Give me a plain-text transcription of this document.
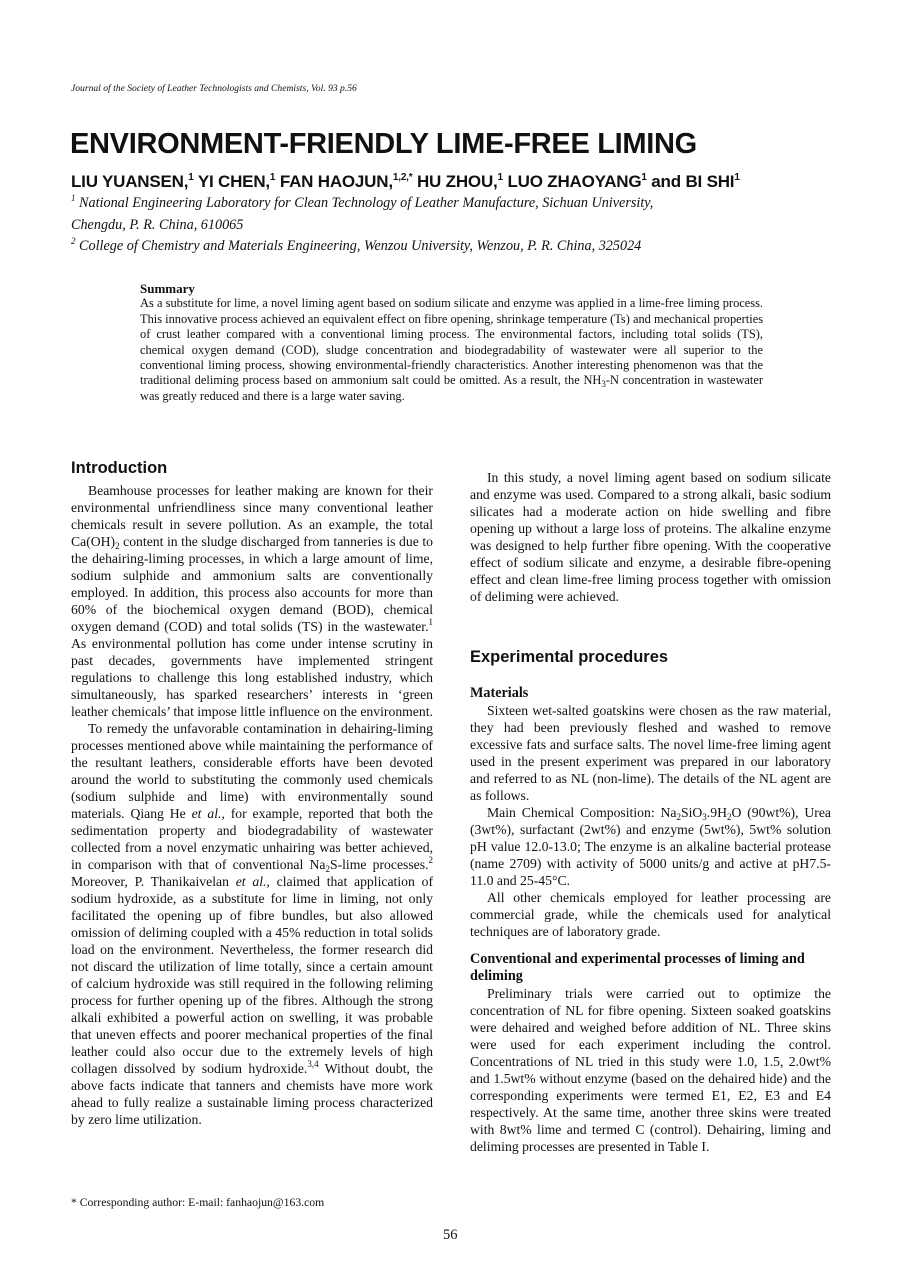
Journal of the Society of Leather Technologists and Chemists, Vol. 93 p.56
ENVIRONMENT-FRIENDLY LIME-FREE LIMING
LIU YUANSEN,$^1$ YI CHEN,$^1$ FAN HAOJUN,$^{1,2,*}$ HU ZHOU,$^1$ LUO ZHAOYANG$^1$ and BI SHI$^1$
$^1$ National Engineering Laboratory for Clean Technology of Leather Manufacture, Sichuan University,
Chengdu, P. R. China, 610065
$^2$ College of Chemistry and Materials Engineering, Wenzou University, Wenzou, P. R. China, 325024
Summary
As a substitute for lime, a novel liming agent based on sodium silicate and enzyme was applied in a lime-free liming process. This innovative process achieved an equivalent effect on fibre opening, shrinkage temperature (Ts) and mechanical properties of crust leather compared with a conventional liming process. The environmental factors, including total solids (TS), chemical oxygen demand (COD), sludge concentration and biodegradability of wastewater were all superior to the conventional liming process, showing environmental-friendly characteristics. Another interesting phenomenon was that the traditional deliming process based on ammonium salt could be omitted. As a result, the $NH_3-N$ concentration in wastewater was greatly reduced and there is a large water saving.
Introduction

Beamhouse processes for leather making are known for their environmental unfriendliness since many conventional leather chemicals result in severe pollution. As an example, the total $Ca(OH)_2$ content in the sludge discharged from tanneries is due to the dehairing-liming processes, in which a large amount of lime, sodium sulphide and ammonium salts are conventionally employed. In addition, this process also accounts for more than 60% of the biochemical oxygen demand (BOD), chemical oxygen demand (COD) and total solids (TS) in the wastewater.$^1$ As environmental pollution has come under intense scrutiny in past decades, governments have implemented stringent regulations to challenge this long established industry, which simultaneously, has sparked researchers’ interests in ‘green leather chemicals’ that impose little influence on the environment.

To remedy the unfavorable contamination in dehairing-liming processes mentioned above while maintaining the performance of the resultant leathers, considerable efforts have been devoted around the world to substituting the commonly used chemicals (sodium sulphide and lime) with environmentally sound materials. Qiang He et al., for example, reported that both the sedimentation property and biodegradability of wastewater collected from a novel enzymatic unhairing was better achieved, in comparison with that of conventional $Na_2S$-lime processes.$^2$ Moreover, P. Thanikaivelan et al., claimed that application of sodium hydroxide, as a substitute for lime in liming, not only facilitated the opening up of fibre bundles, but also allowed omission of deliming coupled with a 45% reduction in total solids load on the environment. Nevertheless, the former research did not discard the utilization of lime totally, since a certain amount of calcium hydroxide was still required in the following reliming process for further opening up of the fibres. Although the strong alkali exhibited a powerful action on swelling, it was probable that uneven effects and poorer mechanical properties of the final leather could also occur due to the extremely levels of high collagen dissolved by sodium hydroxide.$^{3,4}$ Without doubt, the above facts indicate that tanners and chemists have more work ahead to fully realize a sustainable liming process characterized by zero lime utilization.

In this study, a novel liming agent based on sodium silicate and enzyme was used. Compared to a strong alkali, basic sodium silicates had a moderate action on hide swelling and fibre opening up without a large loss of proteins. The alkaline enzyme was designed to help further fibre opening. With the cooperative effect of sodium silicate and enzyme, a desirable fibre-opening effect and clean lime-free liming process together with omission of deliming were achieved.

Experimental procedures
Materials

Sixteen wet-salted goatskins were chosen as the raw material, they had been previously fleshed and washed to remove excessive fats and surface salts. The novel lime-free liming agent used in the present experiment was prepared in our laboratory and referred to as NL (non-lime). The details of the NL agent are as follows.

Main Chemical Composition: $Na_2SiO_3.9H_2O$ (90wt%), Urea (3wt%), surfactant (2wt%) and enzyme (5wt%), 5wt% solution pH value 12.0-13.0; The enzyme is an alkaline bacterial protease (name 2709) with activity of 5000 units/g and active at pH7.5-11.0 and 25-45°C.

All other chemicals employed for leather processing are commercial grade, while the chemicals used for analytical techniques are of laboratory grade.

Conventional and experimental processes of liming and deliming

Preliminary trials were carried out to optimize the concentration of NL for fibre opening. Sixteen soaked goatskins were dehaired and weighed before addition of NL. Three skins were used for each experiment including the control. Concentrations of NL tried in this study were 1.0, 1.5, 2.0wt% and 1.5wt% without enzyme (based on the dehaired hide) and the corresponding experiments were termed E1, E2, E3 and E4 respectively. At the same time, another three skins were treated with 8wt% lime and termed C (control). Dehairing, liming and deliming processes are presented in Table I.

* Corresponding author: E-mail: fanhaojun@163.com
56
